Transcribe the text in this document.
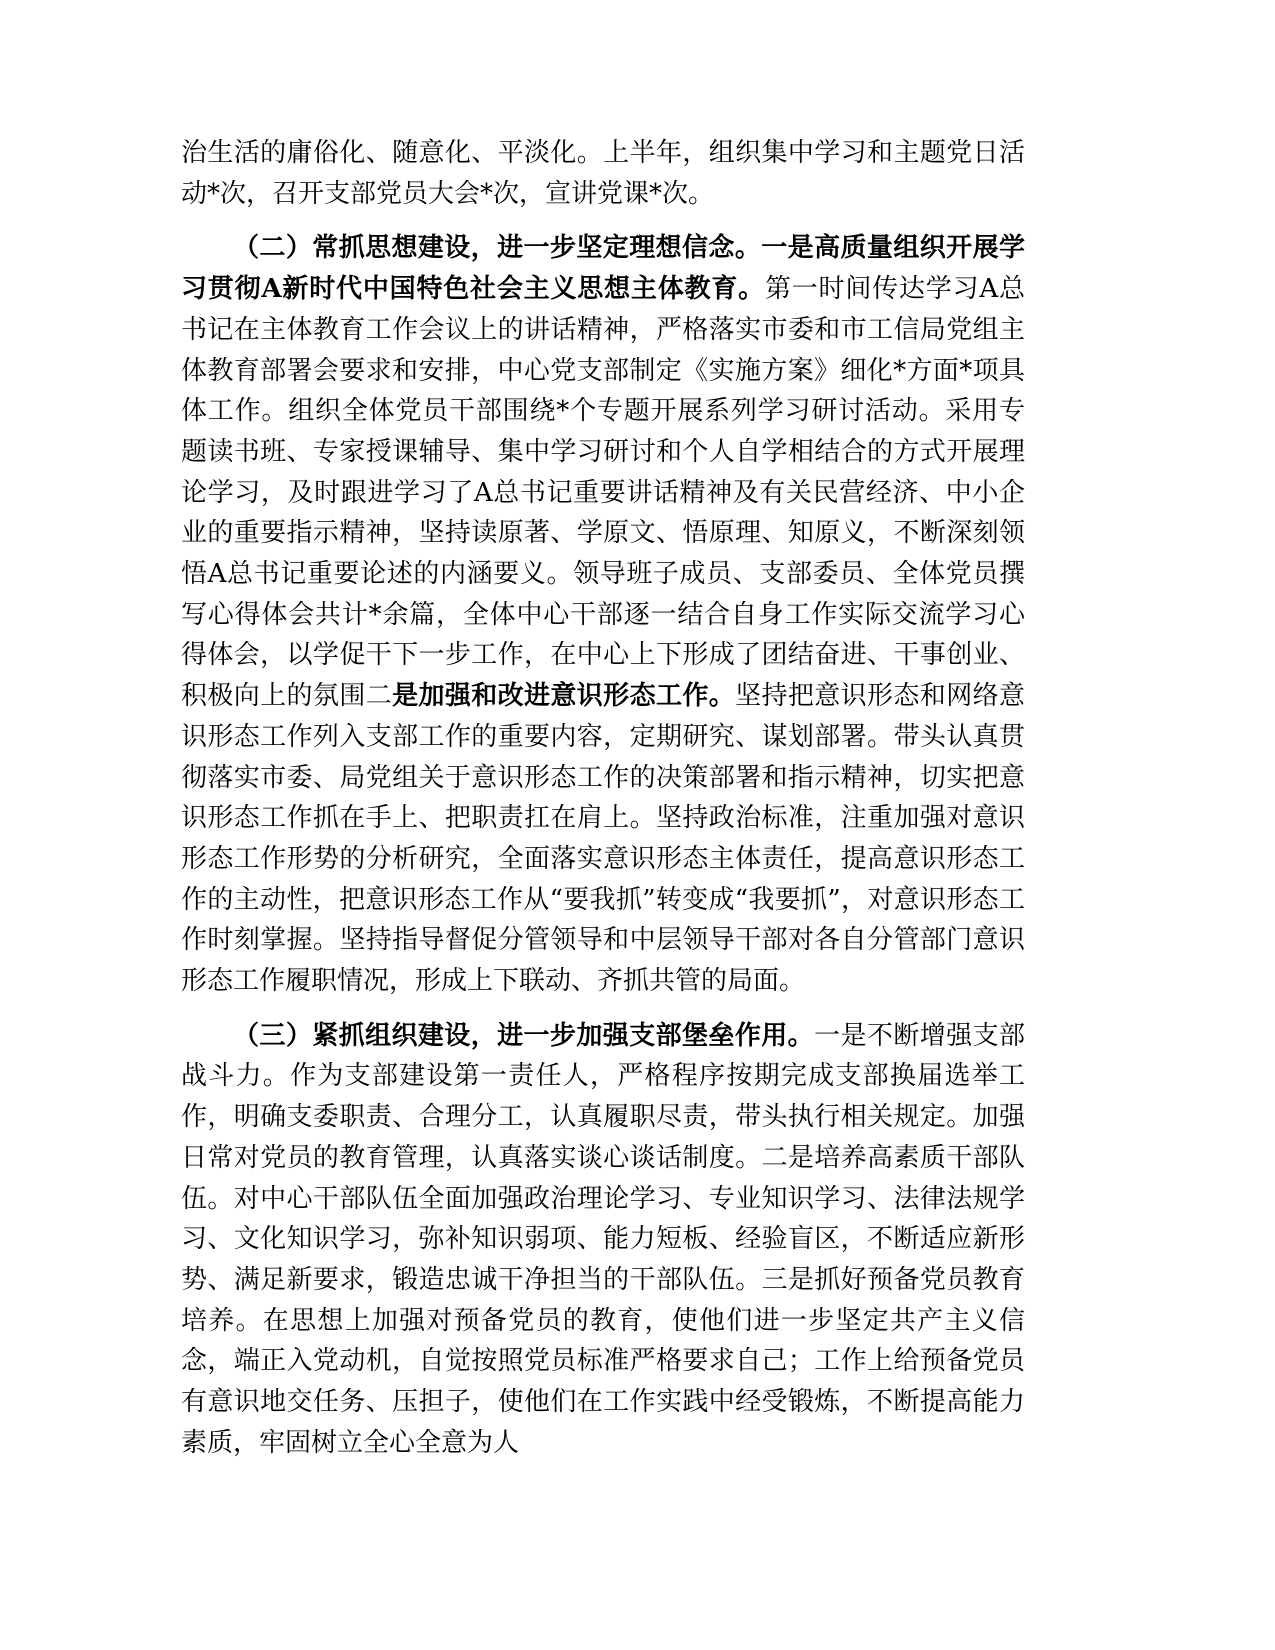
治生活的庸俗化、随意化、平淡化。上半年，组织集中学习和主题党日活动*次，召开支部党员大会*次，宣讲党课*次。

（二）常抓思想建设，进一步坚定理想信念。一是高质量组织开展学习贯彻A新时代中国特色社会主义思想主体教育。第一时间传达学习A总书记在主体教育工作会议上的讲话精神，严格落实市委和市工信局党组主体教育部署会要求和安排，中心党支部制定《实施方案》细化*方面*项具体工作。组织全体党员干部围绕*个专题开展系列学习研讨活动。采用专题读书班、专家授课辅导、集中学习研讨和个人自学相结合的方式开展理论学习，及时跟进学习了A总书记重要讲话精神及有关民营经济、中小企业的重要指示精神，坚持读原著、学原文、悟原理、知原义，不断深刻领悟A总书记重要论述的内涵要义。领导班子成员、支部委员、全体党员撰写心得体会共计*余篇，全体中心干部逐一结合自身工作实际交流学习心得体会，以学促干下一步工作，在中心上下形成了团结奋进、干事创业、积极向上的氛围二是加强和改进意识形态工作。坚持把意识形态和网络意识形态工作列入支部工作的重要内容，定期研究、谋划部署。带头认真贯彻落实市委、局党组关于意识形态工作的决策部署和指示精神，切实把意识形态工作抓在手上、把职责扛在肩上。坚持政治标准，注重加强对意识形态工作形势的分析研究，全面落实意识形态主体责任，提高意识形态工作的主动性，把意识形态工作从“要我抓”转变成“我要抓”，对意识形态工作时刻掌握。坚持指导督促分管领导和中层领导干部对各自分管部门意识形态工作履职情况，形成上下联动、齐抓共管的局面。

（三）紧抓组织建设，进一步加强支部堡垒作用。一是不断增强支部战斗力。作为支部建设第一责任人，严格程序按期完成支部换届选举工作，明确支委职责、合理分工，认真履职尽责，带头执行相关规定。加强日常对党员的教育管理，认真落实谈心谈话制度。二是培养高素质干部队伍。对中心干部队伍全面加强政治理论学习、专业知识学习、法律法规学习、文化知识学习，弥补知识弱项、能力短板、经验盲区，不断适应新形势、满足新要求，锻造忠诚干净担当的干部队伍。三是抓好预备党员教育培养。在思想上加强对预备党员的教育，使他们进一步坚定共产主义信念，端正入党动机，自觉按照党员标准严格要求自己；工作上给预备党员有意识地交任务、压担子，使他们在工作实践中经受锻炼，不断提高能力素质，牢固树立全心全意为人
